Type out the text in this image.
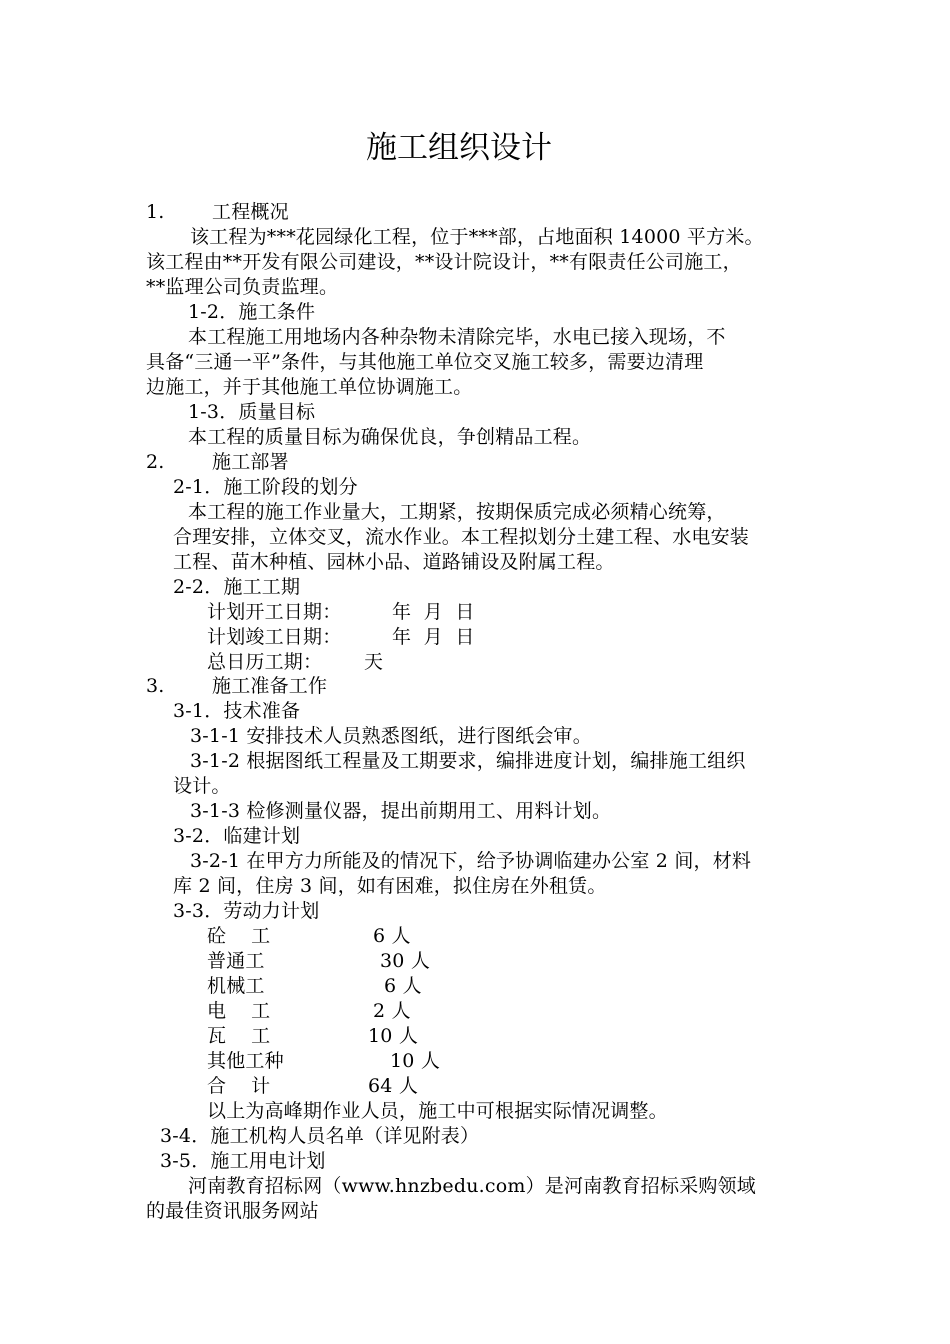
施工组织设计
1. 工程概况
该工程为***花园绿化工程，位于***部，占地面积 14000 平方米。
该工程由**开发有限公司建设，**设计院设计，**有限责任公司施工，
**监理公司负责监理。
1-2．施工条件
本工程施工用地场内各种杂物未清除完毕，水电已接入现场，不
具备“三通一平”条件，与其他施工单位交叉施工较多，需要边清理
边施工，并于其他施工单位协调施工。
1-3．质量目标
本工程的质量目标为确保优良，争创精品工程。
2. 施工部署
2-1．施工阶段的划分
本工程的施工作业量大，工期紧，按期保质完成必须精心统筹，
合理安排，立体交叉，流水作业。本工程拟划分土建工程、水电安装
工程、苗木种植、园林小品、道路铺设及附属工程。
2-2．施工工期
计划开工日期：	年  月  日
计划竣工日期：	年  月  日
总日历工期： 天
3. 施工准备工作
3-1．技术准备
3-1-1 安排技术人员熟悉图纸，进行图纸会审。
3-1-2 根据图纸工程量及工期要求，编排进度计划，编排施工组织
设计。
3-1-3 检修测量仪器，提出前期用工、用料计划。
3-2．临建计划
3-2-1 在甲方力所能及的情况下，给予协调临建办公室 2 间，材料
库 2 间，住房 3 间，如有困难，拟住房在外租赁。
3-3．劳动力计划
砼    工	6 人
普通工	30 人
机械工	6 人
电    工	2 人
瓦    工	10 人
其他工种	10 人
合    计	64 人
以上为高峰期作业人员，施工中可根据实际情况调整。
3-4．施工机构人员名单（详见附表）
3-5．施工用电计划
河南教育招标网（www.hnzbedu.com）是河南教育招标采购领域
的最佳资讯服务网站
